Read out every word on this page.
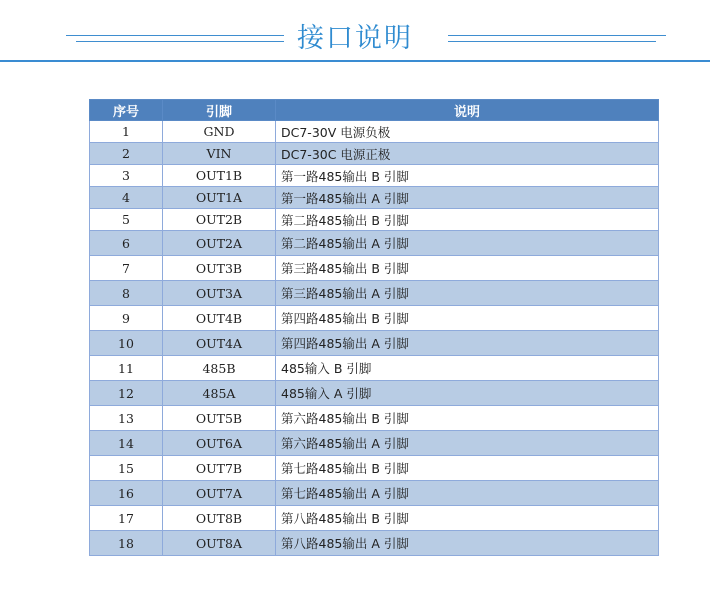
接口说明
序号	引脚	说明
1	GND	DC7-30V 电源负极
2	VIN	DC7-30C 电源正极
3	OUT1B	第一路485输出 B 引脚
4	OUT1A	第一路485输出 A 引脚
5	OUT2B	第二路485输出 B 引脚
6	OUT2A	第二路485输出 A 引脚
7	OUT3B	第三路485输出 B 引脚
8	OUT3A	第三路485输出 A 引脚
9	OUT4B	第四路485输出 B 引脚
10	OUT4A	第四路485输出 A 引脚
11	485B	485输入 B 引脚
12	485A	485输入 A 引脚
13	OUT5B	第六路485输出 B 引脚
14	OUT6A	第六路485输出 A 引脚
15	OUT7B	第七路485输出 B 引脚
16	OUT7A	第七路485输出 A 引脚
17	OUT8B	第八路485输出 B 引脚
18	OUT8A	第八路485输出 A 引脚
